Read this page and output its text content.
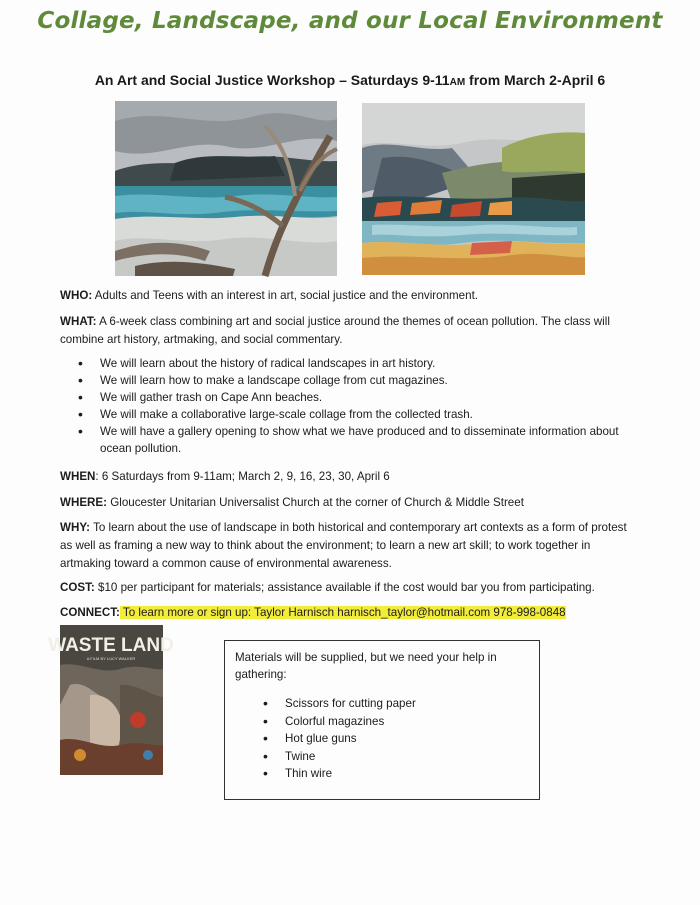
Collage, Landscape, and our Local Environment
An Art and Social Justice Workshop – Saturdays 9-11AM from March 2-April 6
WHO: Adults and Teens with an interest in art, social justice and the environment.
WHAT: A 6-week class combining art and social justice around the themes of ocean pollution. The class will combine art history, artmaking, and social commentary.
• We will learn about the history of radical landscapes in art history.
• We will learn how to make a landscape collage from cut magazines.
• We will gather trash on Cape Ann beaches.
• We will make a collaborative large-scale collage from the collected trash.
• We will have a gallery opening to show what we have produced and to disseminate information about ocean pollution.
WHEN: 6 Saturdays from 9-11am; March 2, 9, 16, 23, 30, April 6
WHERE: Gloucester Unitarian Universalist Church at the corner of Church & Middle Street
WHY: To learn about the use of landscape in both historical and contemporary art contexts as a form of protest as well as framing a new way to think about the environment; to learn a new art skill; to work together in artmaking toward a common cause of environmental awareness.
COST: $10 per participant for materials; assistance available if the cost would bar you from participating.
CONNECT: To learn more or sign up: Taylor Harnisch harnisch_taylor@hotmail.com 978-998-0848
WASTE LAND
A FILM BY LUCY WALKER	Materials will be supplied, but we need your help in gathering:
• Scissors for cutting paper
• Colorful magazines
• Hot glue guns
• Twine
• Thin wire
